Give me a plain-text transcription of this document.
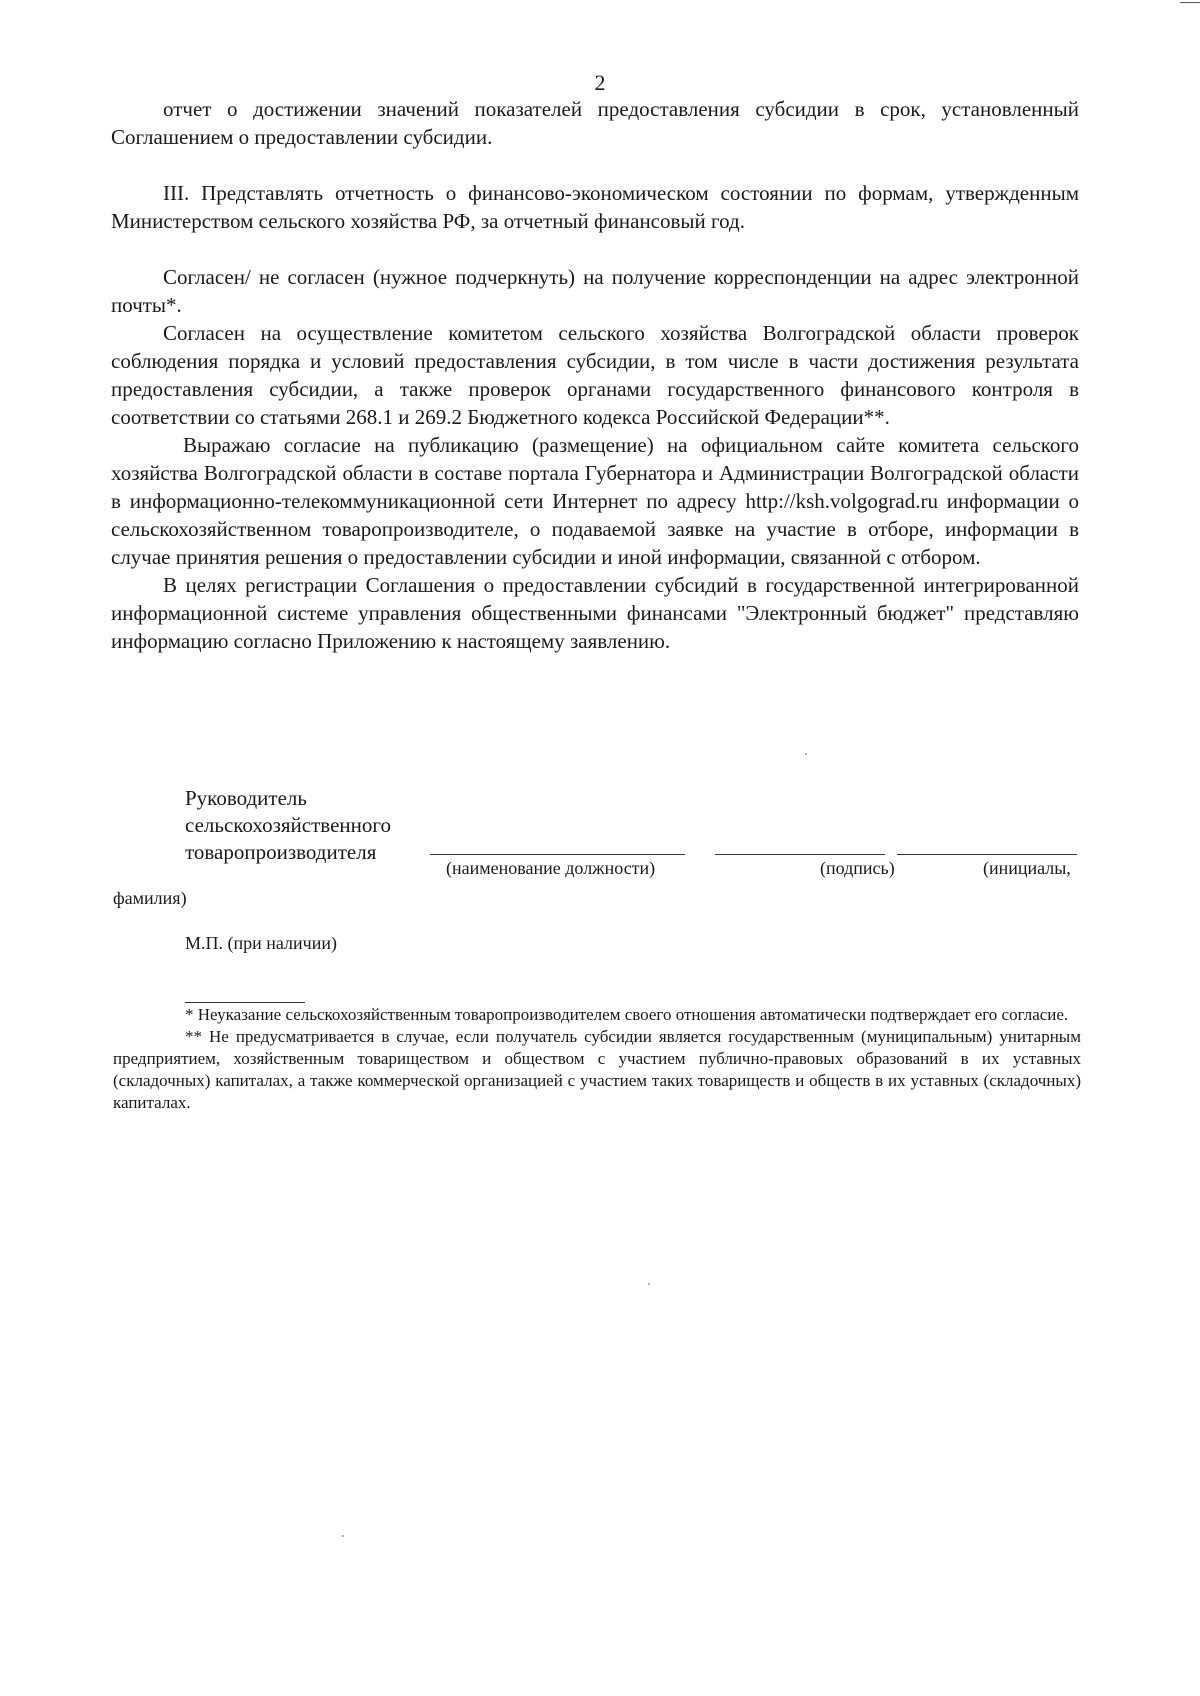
2

отчет о достижении значений показателей предоставления субсидии в срок, установленный Соглашением о предоставлении субсидии.

III. Представлять отчетность о финансово-экономическом состоянии по формам, утвержденным Министерством сельского хозяйства РФ, за отчетный финансовый год.

Согласен/ не согласен (нужное подчеркнуть) на получение корреспонденции на адрес электронной почты*.

Согласен на осуществление комитетом сельского хозяйства Волгоградской области проверок соблюдения порядка и условий предоставления субсидии, в том числе в части достижения результата предоставления субсидии, а также проверок органами государственного финансового контроля в соответствии со статьями 268.1 и 269.2 Бюджетного кодекса Российской Федерации**.

Выражаю согласие на публикацию (размещение) на официальном сайте комитета сельского хозяйства Волгоградской области в составе портала Губернатора и Администрации Волгоградской области в информационно-телекоммуникационной сети Интернет по адресу http://ksh.volgograd.ru информации о сельскохозяйственном товаропроизводителе, о подаваемой заявке на участие в отборе, информации в случае принятия решения о предоставлении субсидии и иной информации, связанной с отбором.

В целях регистрации Соглашения о предоставлении субсидий в государственной интегрированной информационной системе управления общественными финансами "Электронный бюджет" представляю информацию согласно Приложению к настоящему заявлению.

Руководитель
сельскохозяйственного
товаропроизводителя
(наименование должности)	(подпись)	(инициалы,
фамилия)
М.П. (при наличии)

* Неуказание сельскохозяйственным товаропроизводителем своего отношения автоматически подтверждает его согласие.

** Не предусматривается в случае, если получатель субсидии является государственным (муниципальным) унитарным предприятием, хозяйственным товариществом и обществом с участием публично-правовых образований в их уставных (складочных) капиталах, а также коммерческой организацией с участием таких товариществ и обществ в их уставных (складочных) капиталах.
